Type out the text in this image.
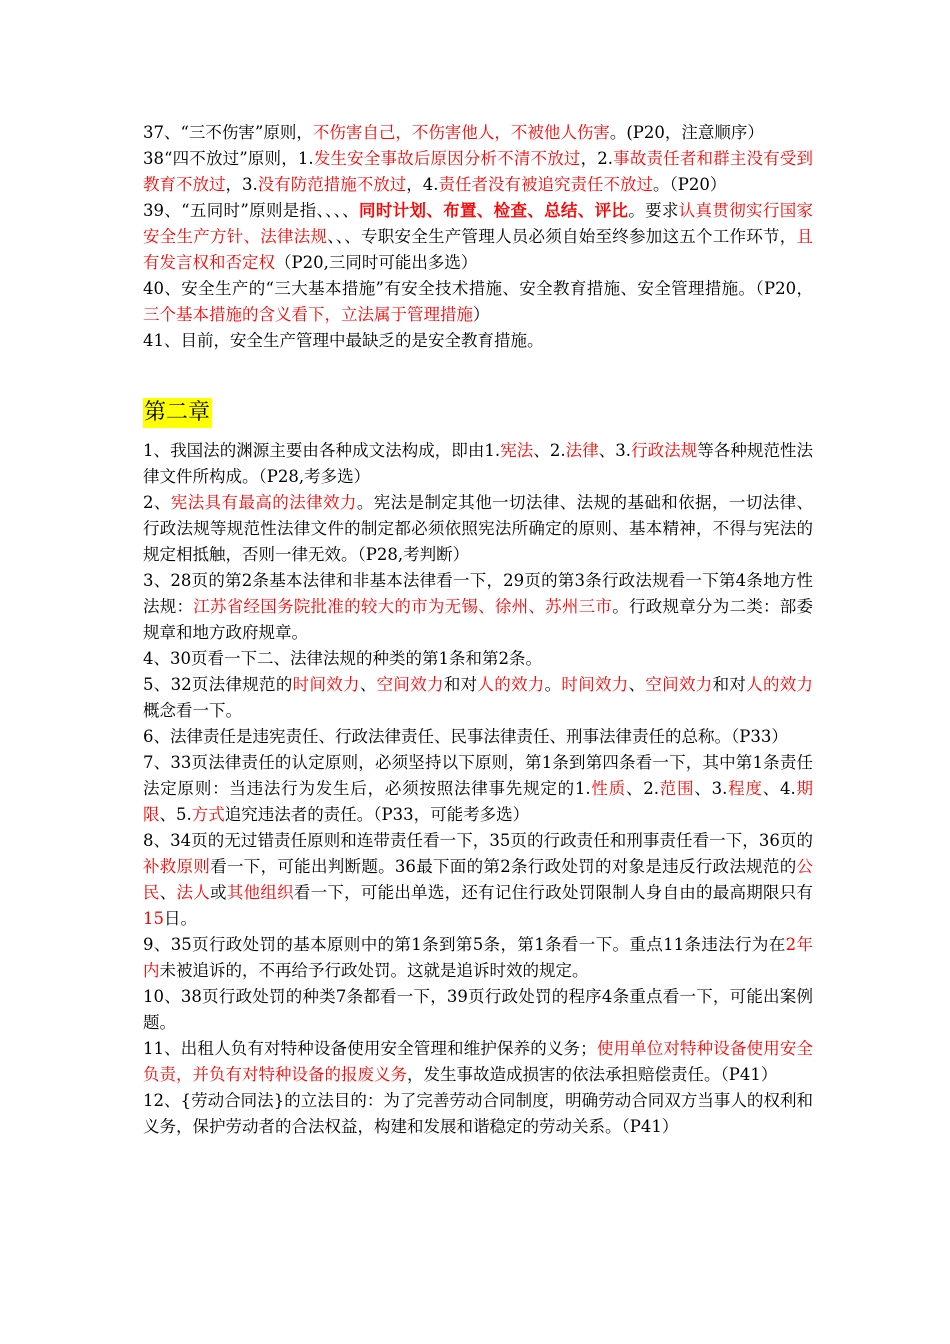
37、“三不伤害”原则，不伤害自己，不伤害他人，不被他人伤害。(P20，注意顺序）

38“四不放过”原则，1.发生安全事故后原因分析不清不放过，2.事故责任者和群主没有受到教育不放过，3.没有防范措施不放过，4.责任者没有被追究责任不放过。（P20）

39、“五同时”原则是指、、、、同时计划、布置、检查、总结、评比。要求认真贯彻实行国家安全生产方针、法律法规、、、专职安全生产管理人员必须自始至终参加这五个工作环节，且有发言权和否定权（P20,三同时可能出多选）

40、安全生产的“三大基本措施”有安全技术措施、安全教育措施、安全管理措施。（P20，三个基本措施的含义看下，立法属于管理措施）

41、目前，安全生产管理中最缺乏的是安全教育措施。

第二章

1、我国法的渊源主要由各种成文法构成，即由1.宪法、2.法律、3.行政法规等各种规范性法律文件所构成。（P28,考多选）

2、宪法具有最高的法律效力。宪法是制定其他一切法律、法规的基础和依据，一切法律、行政法规等规范性法律文件的制定都必须依照宪法所确定的原则、基本精神，不得与宪法的规定相抵触，否则一律无效。（P28,考判断）

3、28页的第2条基本法律和非基本法律看一下，29页的第3条行政法规看一下第4条地方性法规：江苏省经国务院批准的较大的市为无锡、徐州、苏州三市。行政规章分为二类：部委规章和地方政府规章。

4、30页看一下二、法律法规的种类的第1条和第2条。

5、32页法律规范的时间效力、空间效力和对人的效力。时间效力、空间效力和对人的效力概念看一下。

6、法律责任是违宪责任、行政法律责任、民事法律责任、刑事法律责任的总称。（P33）

7、33页法律责任的认定原则，必须坚持以下原则，第1条到第四条看一下，其中第1条责任法定原则：当违法行为发生后，必须按照法律事先规定的1.性质、2.范围、3.程度、4.期限、5.方式追究违法者的责任。（P33，可能考多选）

8、34页的无过错责任原则和连带责任看一下，35页的行政责任和刑事责任看一下，36页的补救原则看一下，可能出判断题。36最下面的第2条行政处罚的对象是违反行政法规范的公民、法人或其他组织看一下，可能出单选，还有记住行政处罚限制人身自由的最高期限只有15日。

9、35页行政处罚的基本原则中的第1条到第5条，第1条看一下。重点11条违法行为在2年内未被追诉的，不再给予行政处罚。这就是追诉时效的规定。

10、38页行政处罚的种类7条都看一下，39页行政处罚的程序4条重点看一下，可能出案例题。

11、出租人负有对特种设备使用安全管理和维护保养的义务；使用单位对特种设备使用安全负责，并负有对特种设备的报废义务，发生事故造成损害的依法承担赔偿责任。（P41）

12、{劳动合同法}的立法目的：为了完善劳动合同制度，明确劳动合同双方当事人的权利和义务，保护劳动者的合法权益，构建和发展和谐稳定的劳动关系。（P41）
